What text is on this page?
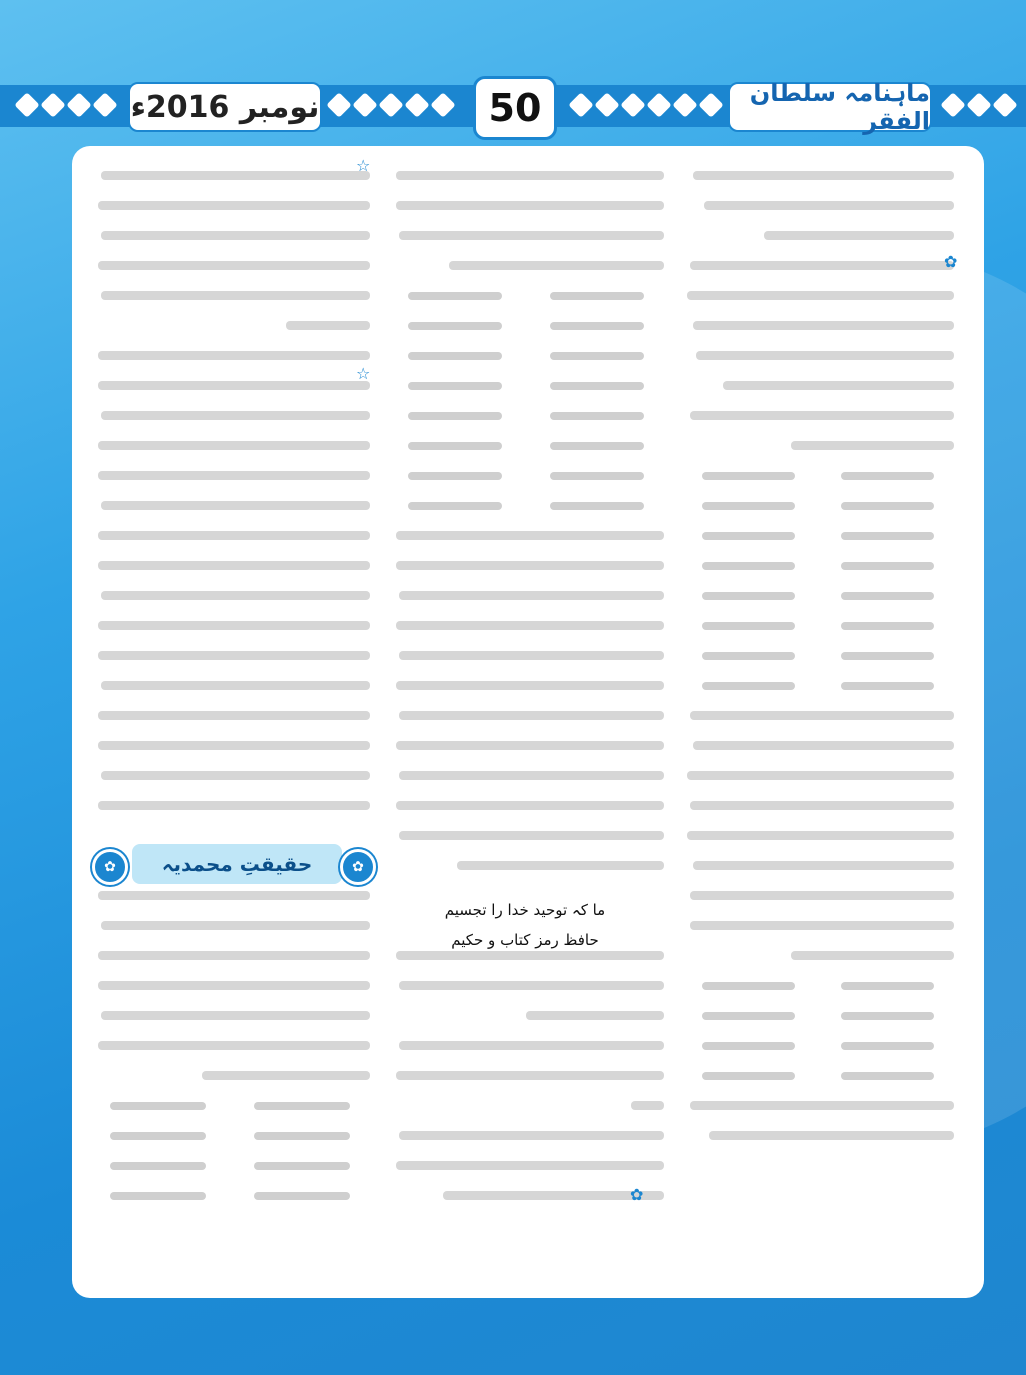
نومبر 2016ء	50	ماہنامہ سلطان الفقر
ما کہ توحید خدا را تجسیم
حافظ رمز کتاب و حکیم
حقیقتِ محمدیہ
✿	✿
✿
☆
☆
✿
